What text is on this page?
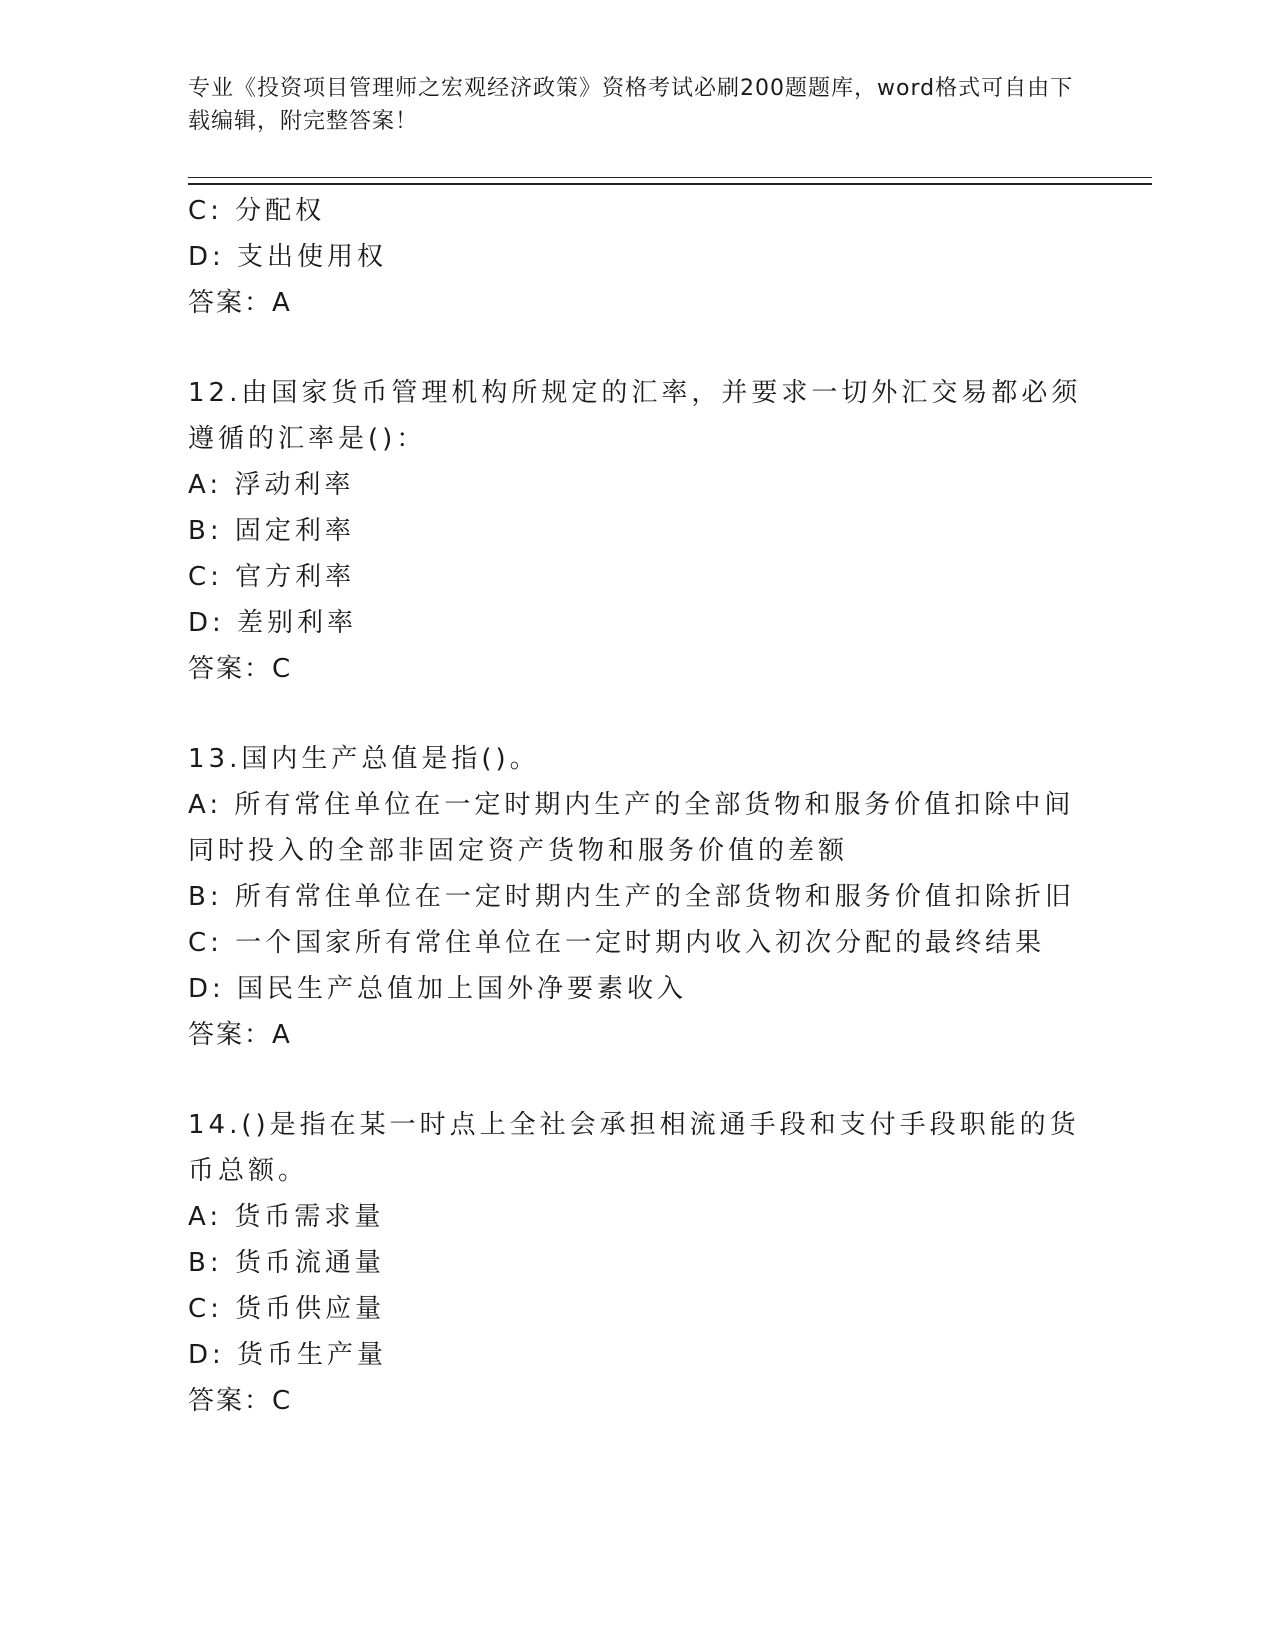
专业《投资项目管理师之宏观经济政策》资格考试必刷200题题库，word格式可自由下载编辑，附完整答案！
C: 分配权
D: 支出使用权
答案：A
12.由国家货币管理机构所规定的汇率，并要求一切外汇交易都必须遵循的汇率是()：
A: 浮动利率
B: 固定利率
C: 官方利率
D: 差别利率
答案：C
13.国内生产总值是指()。
A: 所有常住单位在一定时期内生产的全部货物和服务价值扣除中间同时投入的全部非固定资产货物和服务价值的差额
B: 所有常住单位在一定时期内生产的全部货物和服务价值扣除折旧
C: 一个国家所有常住单位在一定时期内收入初次分配的最终结果
D: 国民生产总值加上国外净要素收入
答案：A
14.()是指在某一时点上全社会承担相流通手段和支付手段职能的货币总额。
A: 货币需求量
B: 货币流通量
C: 货币供应量
D: 货币生产量
答案：C
